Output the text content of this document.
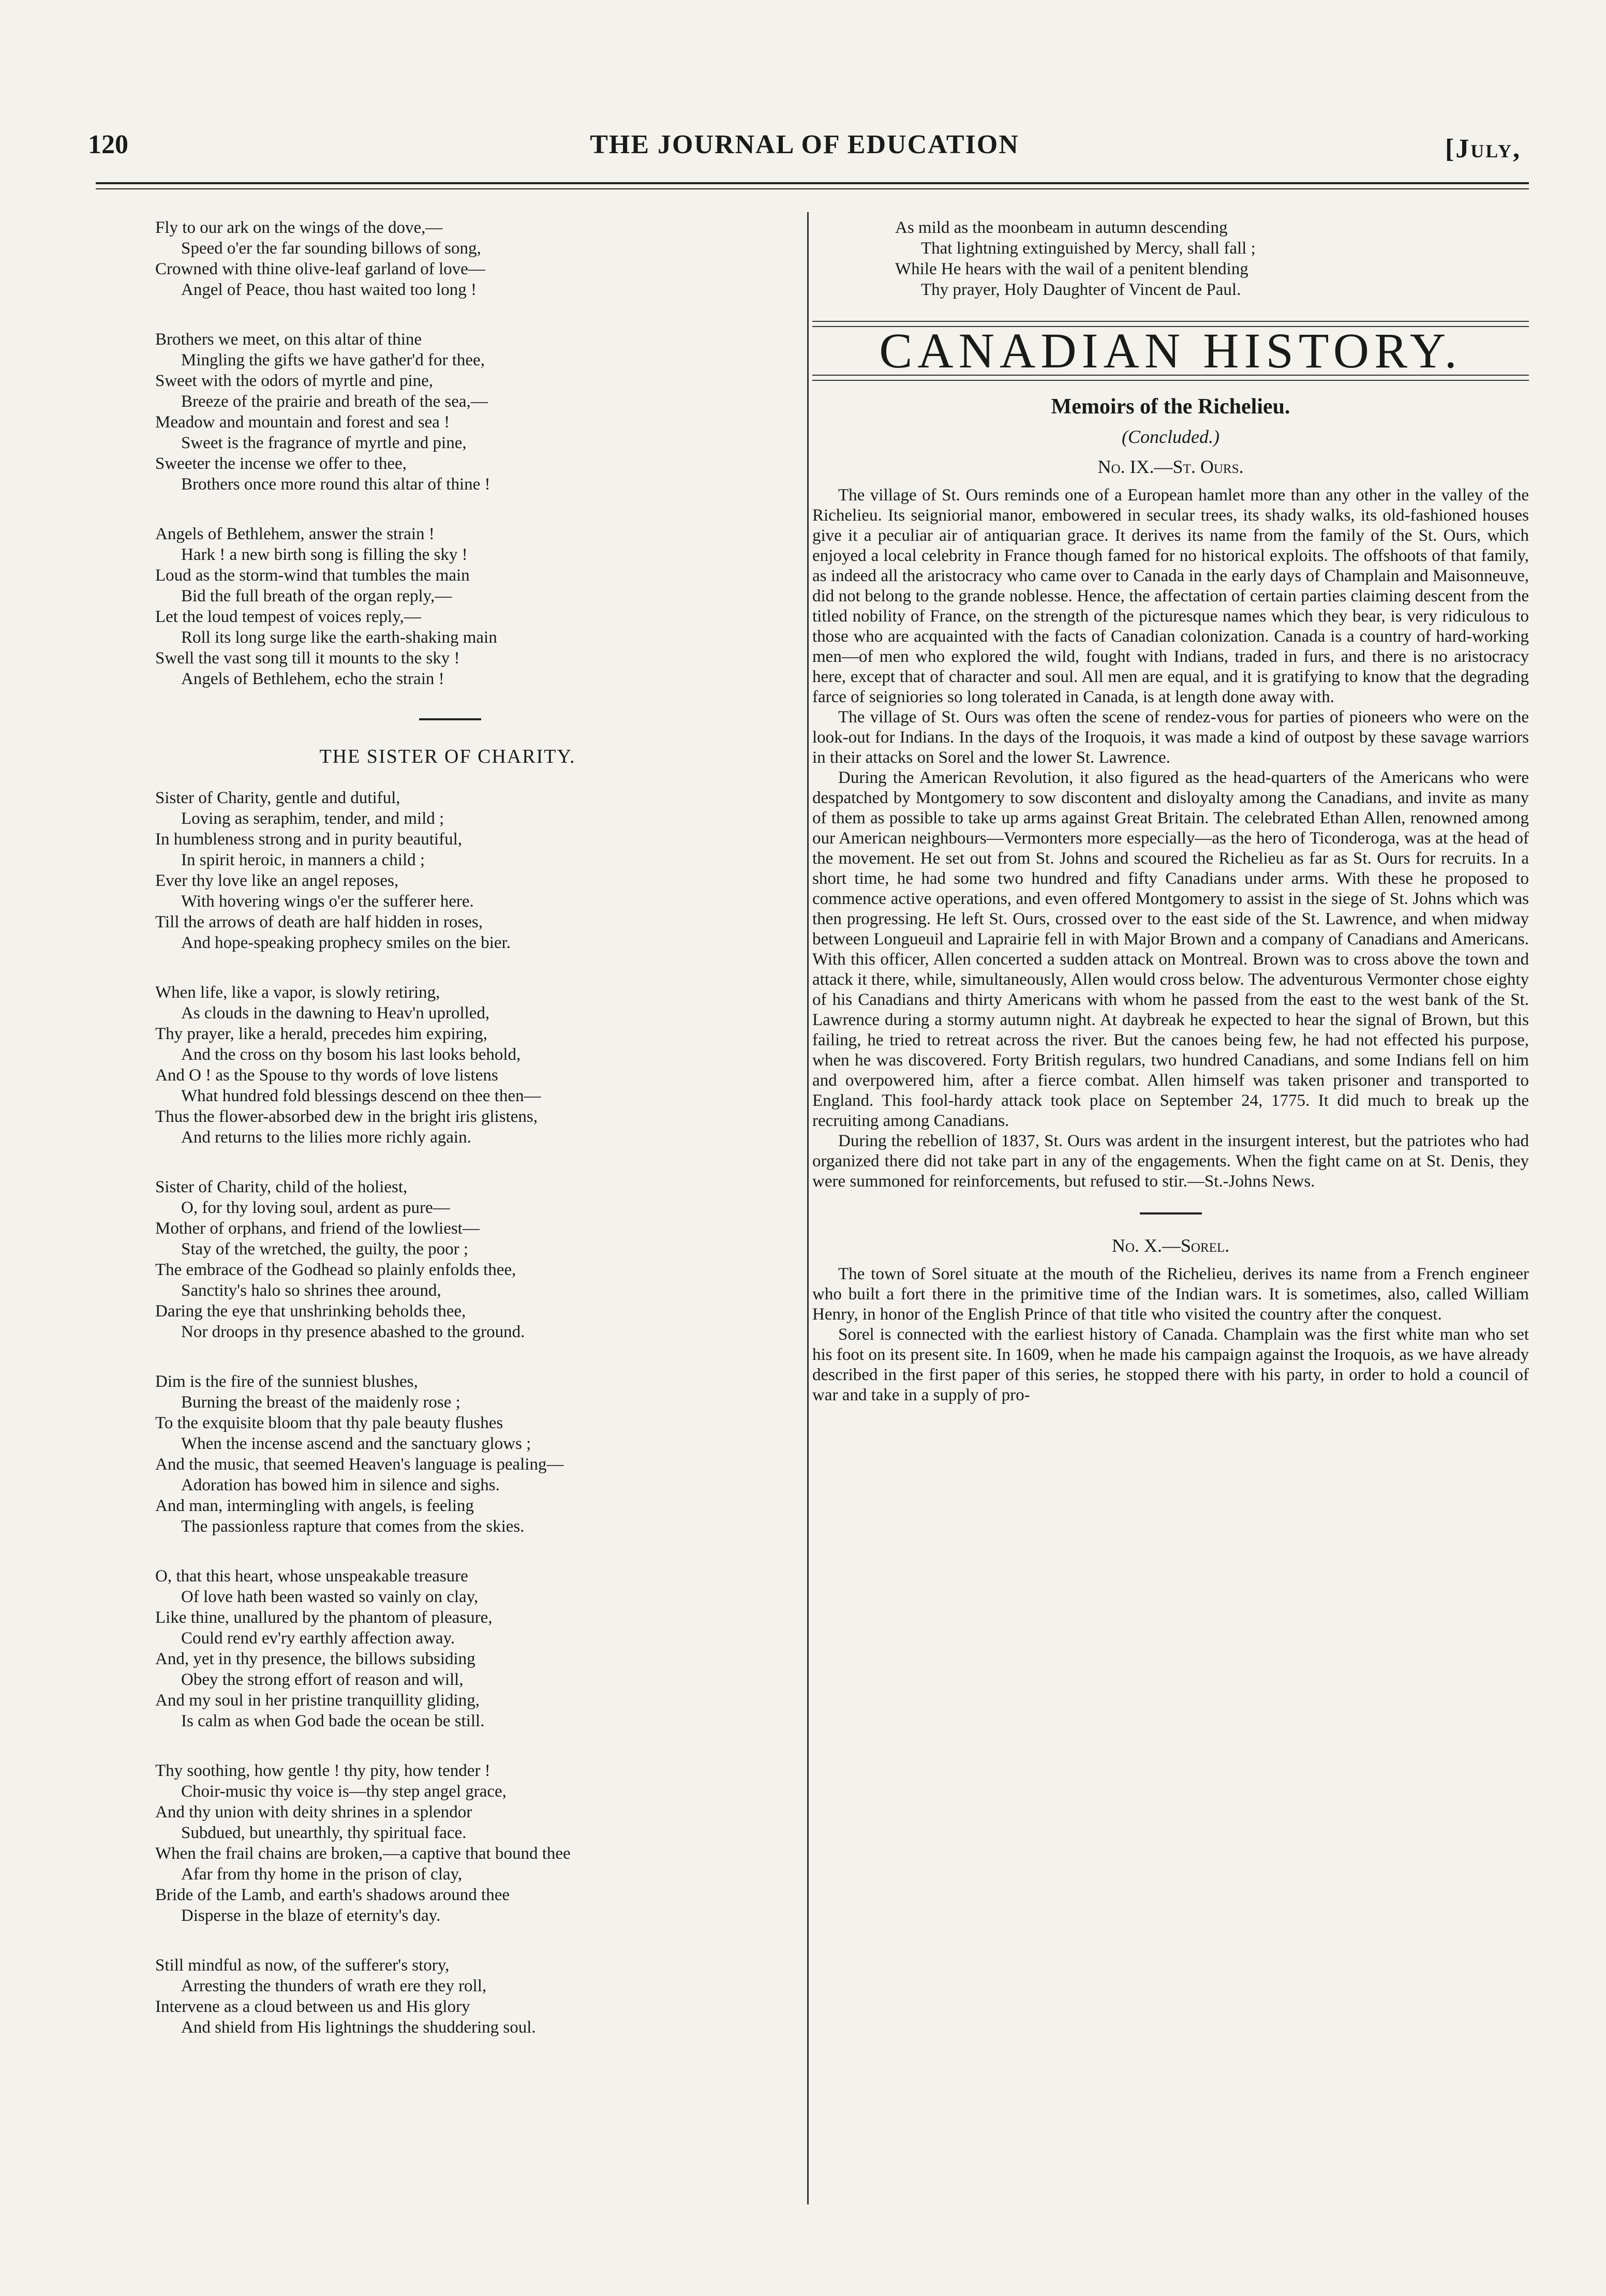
120	THE JOURNAL OF EDUCATION	[July,
Fly to our ark on the wings of the dove,—
Speed o'er the far sounding billows of song,
Crowned with thine olive-leaf garland of love—
Angel of Peace, thou hast waited too long !
Brothers we meet, on this altar of thine
Mingling the gifts we have gather'd for thee,
Sweet with the odors of myrtle and pine,
Breeze of the prairie and breath of the sea,—
Meadow and mountain and forest and sea !
Sweet is the fragrance of myrtle and pine,
Sweeter the incense we offer to thee,
Brothers once more round this altar of thine !
Angels of Bethlehem, answer the strain !
Hark ! a new birth song is filling the sky !
Loud as the storm-wind that tumbles the main
Bid the full breath of the organ reply,—
Let the loud tempest of voices reply,—
Roll its long surge like the earth-shaking main
Swell the vast song till it mounts to the sky !
Angels of Bethlehem, echo the strain !
THE SISTER OF CHARITY.
Sister of Charity, gentle and dutiful,
Loving as seraphim, tender, and mild ;
In humbleness strong and in purity beautiful,
In spirit heroic, in manners a child ;
Ever thy love like an angel reposes,
With hovering wings o'er the sufferer here.
Till the arrows of death are half hidden in roses,
And hope-speaking prophecy smiles on the bier.
When life, like a vapor, is slowly retiring,
As clouds in the dawning to Heav'n uprolled,
Thy prayer, like a herald, precedes him expiring,
And the cross on thy bosom his last looks behold,
And O ! as the Spouse to thy words of love listens
What hundred fold blessings descend on thee then—
Thus the flower-absorbed dew in the bright iris glistens,
And returns to the lilies more richly again.
Sister of Charity, child of the holiest,
O, for thy loving soul, ardent as pure—
Mother of orphans, and friend of the lowliest—
Stay of the wretched, the guilty, the poor ;
The embrace of the Godhead so plainly enfolds thee,
Sanctity's halo so shrines thee around,
Daring the eye that unshrinking beholds thee,
Nor droops in thy presence abashed to the ground.
Dim is the fire of the sunniest blushes,
Burning the breast of the maidenly rose ;
To the exquisite bloom that thy pale beauty flushes
When the incense ascend and the sanctuary glows ;
And the music, that seemed Heaven's language is pealing—
Adoration has bowed him in silence and sighs.
And man, intermingling with angels, is feeling
The passionless rapture that comes from the skies.
O, that this heart, whose unspeakable treasure
Of love hath been wasted so vainly on clay,
Like thine, unallured by the phantom of pleasure,
Could rend ev'ry earthly affection away.
And, yet in thy presence, the billows subsiding
Obey the strong effort of reason and will,
And my soul in her pristine tranquillity gliding,
Is calm as when God bade the ocean be still.
Thy soothing, how gentle ! thy pity, how tender !
Choir-music thy voice is—thy step angel grace,
And thy union with deity shrines in a splendor
Subdued, but unearthly, thy spiritual face.
When the frail chains are broken,—a captive that bound thee
Afar from thy home in the prison of clay,
Bride of the Lamb, and earth's shadows around thee
Disperse in the blaze of eternity's day.
Still mindful as now, of the sufferer's story,
Arresting the thunders of wrath ere they roll,
Intervene as a cloud between us and His glory
And shield from His lightnings the shuddering soul.
As mild as the moonbeam in autumn descending
That lightning extinguished by Mercy, shall fall ;
While He hears with the wail of a penitent blending
Thy prayer, Holy Daughter of Vincent de Paul.
CANADIAN HISTORY.
Memoirs of the Richelieu.
(Concluded.)
No. IX.—St. Ours.

The village of St. Ours reminds one of a European hamlet more than any other in the valley of the Richelieu. Its seigniorial manor, embowered in secular trees, its shady walks, its old-fashioned houses give it a peculiar air of antiquarian grace. It derives its name from the family of the St. Ours, which enjoyed a local celebrity in France though famed for no historical exploits. The offshoots of that family, as indeed all the aristocracy who came over to Canada in the early days of Champlain and Maisonneuve, did not belong to the grande noblesse. Hence, the affectation of certain parties claiming descent from the titled nobility of France, on the strength of the picturesque names which they bear, is very ridiculous to those who are acquainted with the facts of Canadian colonization. Canada is a country of hard-working men—of men who explored the wild, fought with Indians, traded in furs, and there is no aristocracy here, except that of character and soul. All men are equal, and it is gratifying to know that the degrading farce of seigniories so long tolerated in Canada, is at length done away with.

The village of St. Ours was often the scene of rendez-vous for parties of pioneers who were on the look-out for Indians. In the days of the Iroquois, it was made a kind of outpost by these savage warriors in their attacks on Sorel and the lower St. Lawrence.

During the American Revolution, it also figured as the head-quarters of the Americans who were despatched by Montgomery to sow discontent and disloyalty among the Canadians, and invite as many of them as possible to take up arms against Great Britain. The celebrated Ethan Allen, renowned among our American neighbours—Vermonters more especially—as the hero of Ticonderoga, was at the head of the movement. He set out from St. Johns and scoured the Richelieu as far as St. Ours for recruits. In a short time, he had some two hundred and fifty Canadians under arms. With these he proposed to commence active operations, and even offered Montgomery to assist in the siege of St. Johns which was then progressing. He left St. Ours, crossed over to the east side of the St. Lawrence, and when midway between Longueuil and Laprairie fell in with Major Brown and a company of Canadians and Americans. With this officer, Allen concerted a sudden attack on Montreal. Brown was to cross above the town and attack it there, while, simultaneously, Allen would cross below. The adventurous Vermonter chose eighty of his Canadians and thirty Americans with whom he passed from the east to the west bank of the St. Lawrence during a stormy autumn night. At daybreak he expected to hear the signal of Brown, but this failing, he tried to retreat across the river. But the canoes being few, he had not effected his purpose, when he was discovered. Forty British regulars, two hundred Canadians, and some Indians fell on him and overpowered him, after a fierce combat. Allen himself was taken prisoner and transported to England. This fool-hardy attack took place on September 24, 1775. It did much to break up the recruiting among Canadians.

During the rebellion of 1837, St. Ours was ardent in the insurgent interest, but the patriotes who had organized there did not take part in any of the engagements. When the fight came on at St. Denis, they were summoned for reinforcements, but refused to stir.—St.-Johns News.

No. X.—Sorel.

The town of Sorel situate at the mouth of the Richelieu, derives its name from a French engineer who built a fort there in the primitive time of the Indian wars. It is sometimes, also, called William Henry, in honor of the English Prince of that title who visited the country after the conquest.

Sorel is connected with the earliest history of Canada. Champlain was the first white man who set his foot on its present site. In 1609, when he made his campaign against the Iroquois, as we have already described in the first paper of this series, he stopped there with his party, in order to hold a council of war and take in a supply of pro-
